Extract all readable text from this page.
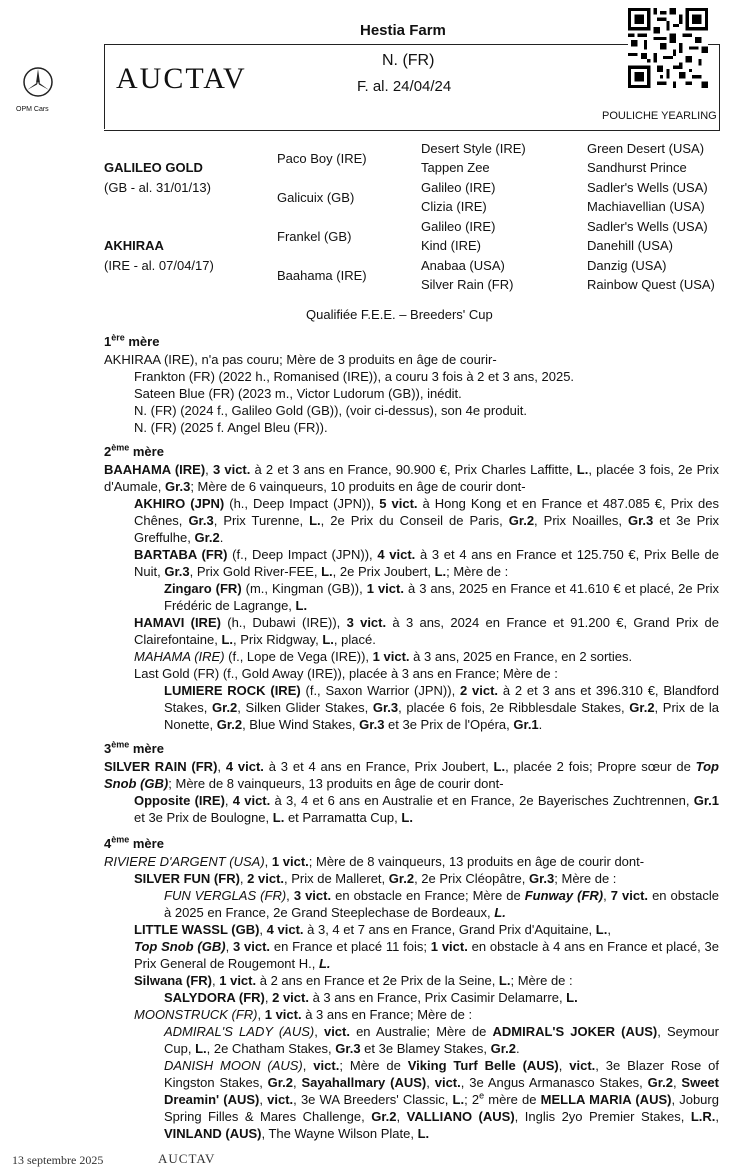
Hestia Farm
AUCTAV
N. (FR)
F. al. 24/04/24
POULICHE YEARLING
OPM Cars
GALILEO GOLD
(GB - al. 31/01/13)
AKHIRAA
(IRE - al. 07/04/17)
Paco Boy (IRE)
Galicuix (GB)
Frankel (GB)
Baahama (IRE)
Desert Style (IRE)
Tappen Zee
Galileo (IRE)
Clizia (IRE)
Galileo (IRE)
Kind (IRE)
Anabaa (USA)
Silver Rain (FR)
Green Desert (USA)
Sandhurst Prince
Sadler's Wells (USA)
Machiavellian (USA)
Sadler's Wells (USA)
Danehill (USA)
Danzig (USA)
Rainbow Quest (USA)
Qualifiée F.E.E. – Breeders' Cup
1ère mère
AKHIRAA (IRE), n'a pas couru; Mère de 3 produits en âge de courir-
Frankton (FR) (2022 h., Romanised (IRE)), a couru 3 fois à 2 et 3 ans, 2025.
Sateen Blue (FR) (2023 m., Victor Ludorum (GB)), inédit.
N. (FR) (2024 f., Galileo Gold (GB)), (voir ci-dessus), son 4e produit.
N. (FR) (2025 f. Angel Bleu (FR)).
2ème mère
BAAHAMA (IRE), 3 vict. à 2 et 3 ans en France, 90.900 €, Prix Charles Laffitte, L., placée 3 fois, 2e Prix d'Aumale, Gr.3; Mère de 6 vainqueurs, 10 produits en âge de courir dont-
AKHIRO (JPN) (h., Deep Impact (JPN)), 5 vict. à Hong Kong et en France et 487.085 €, Prix des Chênes, Gr.3, Prix Turenne, L., 2e Prix du Conseil de Paris, Gr.2, Prix Noailles, Gr.3 et 3e Prix Greffulhe, Gr.2.
BARTABA (FR) (f., Deep Impact (JPN)), 4 vict. à 3 et 4 ans en France et 125.750 €, Prix Belle de Nuit, Gr.3, Prix Gold River-FEE, L., 2e Prix Joubert, L.; Mère de :
Zingaro (FR) (m., Kingman (GB)), 1 vict. à 3 ans, 2025 en France et 41.610 € et placé, 2e Prix Frédéric de Lagrange, L.
HAMAVI (IRE) (h., Dubawi (IRE)), 3 vict. à 3 ans, 2024 en France et 91.200 €, Grand Prix de Clairefontaine, L., Prix Ridgway, L., placé.
MAHAMA (IRE) (f., Lope de Vega (IRE)), 1 vict. à 3 ans, 2025 en France, en 2 sorties.
Last Gold (FR) (f., Gold Away (IRE)), placée à 3 ans en France; Mère de :
LUMIERE ROCK (IRE) (f., Saxon Warrior (JPN)), 2 vict. à 2 et 3 ans et 396.310 €, Blandford Stakes, Gr.2, Silken Glider Stakes, Gr.3, placée 6 fois, 2e Ribblesdale Stakes, Gr.2, Prix de la Nonette, Gr.2, Blue Wind Stakes, Gr.3 et 3e Prix de l'Opéra, Gr.1.
3ème mère
SILVER RAIN (FR), 4 vict. à 3 et 4 ans en France, Prix Joubert, L., placée 2 fois; Propre sœur de Top Snob (GB); Mère de 8 vainqueurs, 13 produits en âge de courir dont-
Opposite (IRE), 4 vict. à 3, 4 et 6 ans en Australie et en France, 2e Bayerisches Zuchtrennen, Gr.1 et 3e Prix de Boulogne, L. et Parramatta Cup, L.
4ème mère
RIVIERE D'ARGENT (USA), 1 vict.; Mère de 8 vainqueurs, 13 produits en âge de courir dont-
SILVER FUN (FR), 2 vict., Prix de Malleret, Gr.2, 2e Prix Cléopâtre, Gr.3; Mère de :
FUN VERGLAS (FR), 3 vict. en obstacle en France; Mère de Funway (FR), 7 vict. en obstacle à 2025 en France, 2e Grand Steeplechase de Bordeaux, L.
LITTLE WASSL (GB), 4 vict. à 3, 4 et 7 ans en France, Grand Prix d'Aquitaine, L.,
Top Snob (GB), 3 vict. en France et placé 11 fois; 1 vict. en obstacle à 4 ans en France et placé, 3e Prix General de Rougemont H., L.
Silwana (FR), 1 vict. à 2 ans en France et 2e Prix de la Seine, L.; Mère de :
SALYDORA (FR), 2 vict. à 3 ans en France, Prix Casimir Delamarre, L.
MOONSTRUCK (FR), 1 vict. à 3 ans en France; Mère de :
ADMIRAL'S LADY (AUS), vict. en Australie; Mère de ADMIRAL'S JOKER (AUS), Seymour Cup, L., 2e Chatham Stakes, Gr.3 et 3e Blamey Stakes, Gr.2.
DANISH MOON (AUS), vict.; Mère de Viking Turf Belle (AUS), vict., 3e Blazer Rose of Kingston Stakes, Gr.2, Sayahallmary (AUS), vict., 3e Angus Armanasco Stakes, Gr.2, Sweet Dreamin' (AUS), vict., 3e WA Breeders' Classic, L.; 2e mère de MELLA MARIA (AUS), Joburg Spring Filles & Mares Challenge, Gr.2, VALLIANO (AUS), Inglis 2yo Premier Stakes, L.R., VINLAND (AUS), The Wayne Wilson Plate, L.
13 septembre 2025	AUCTAV
